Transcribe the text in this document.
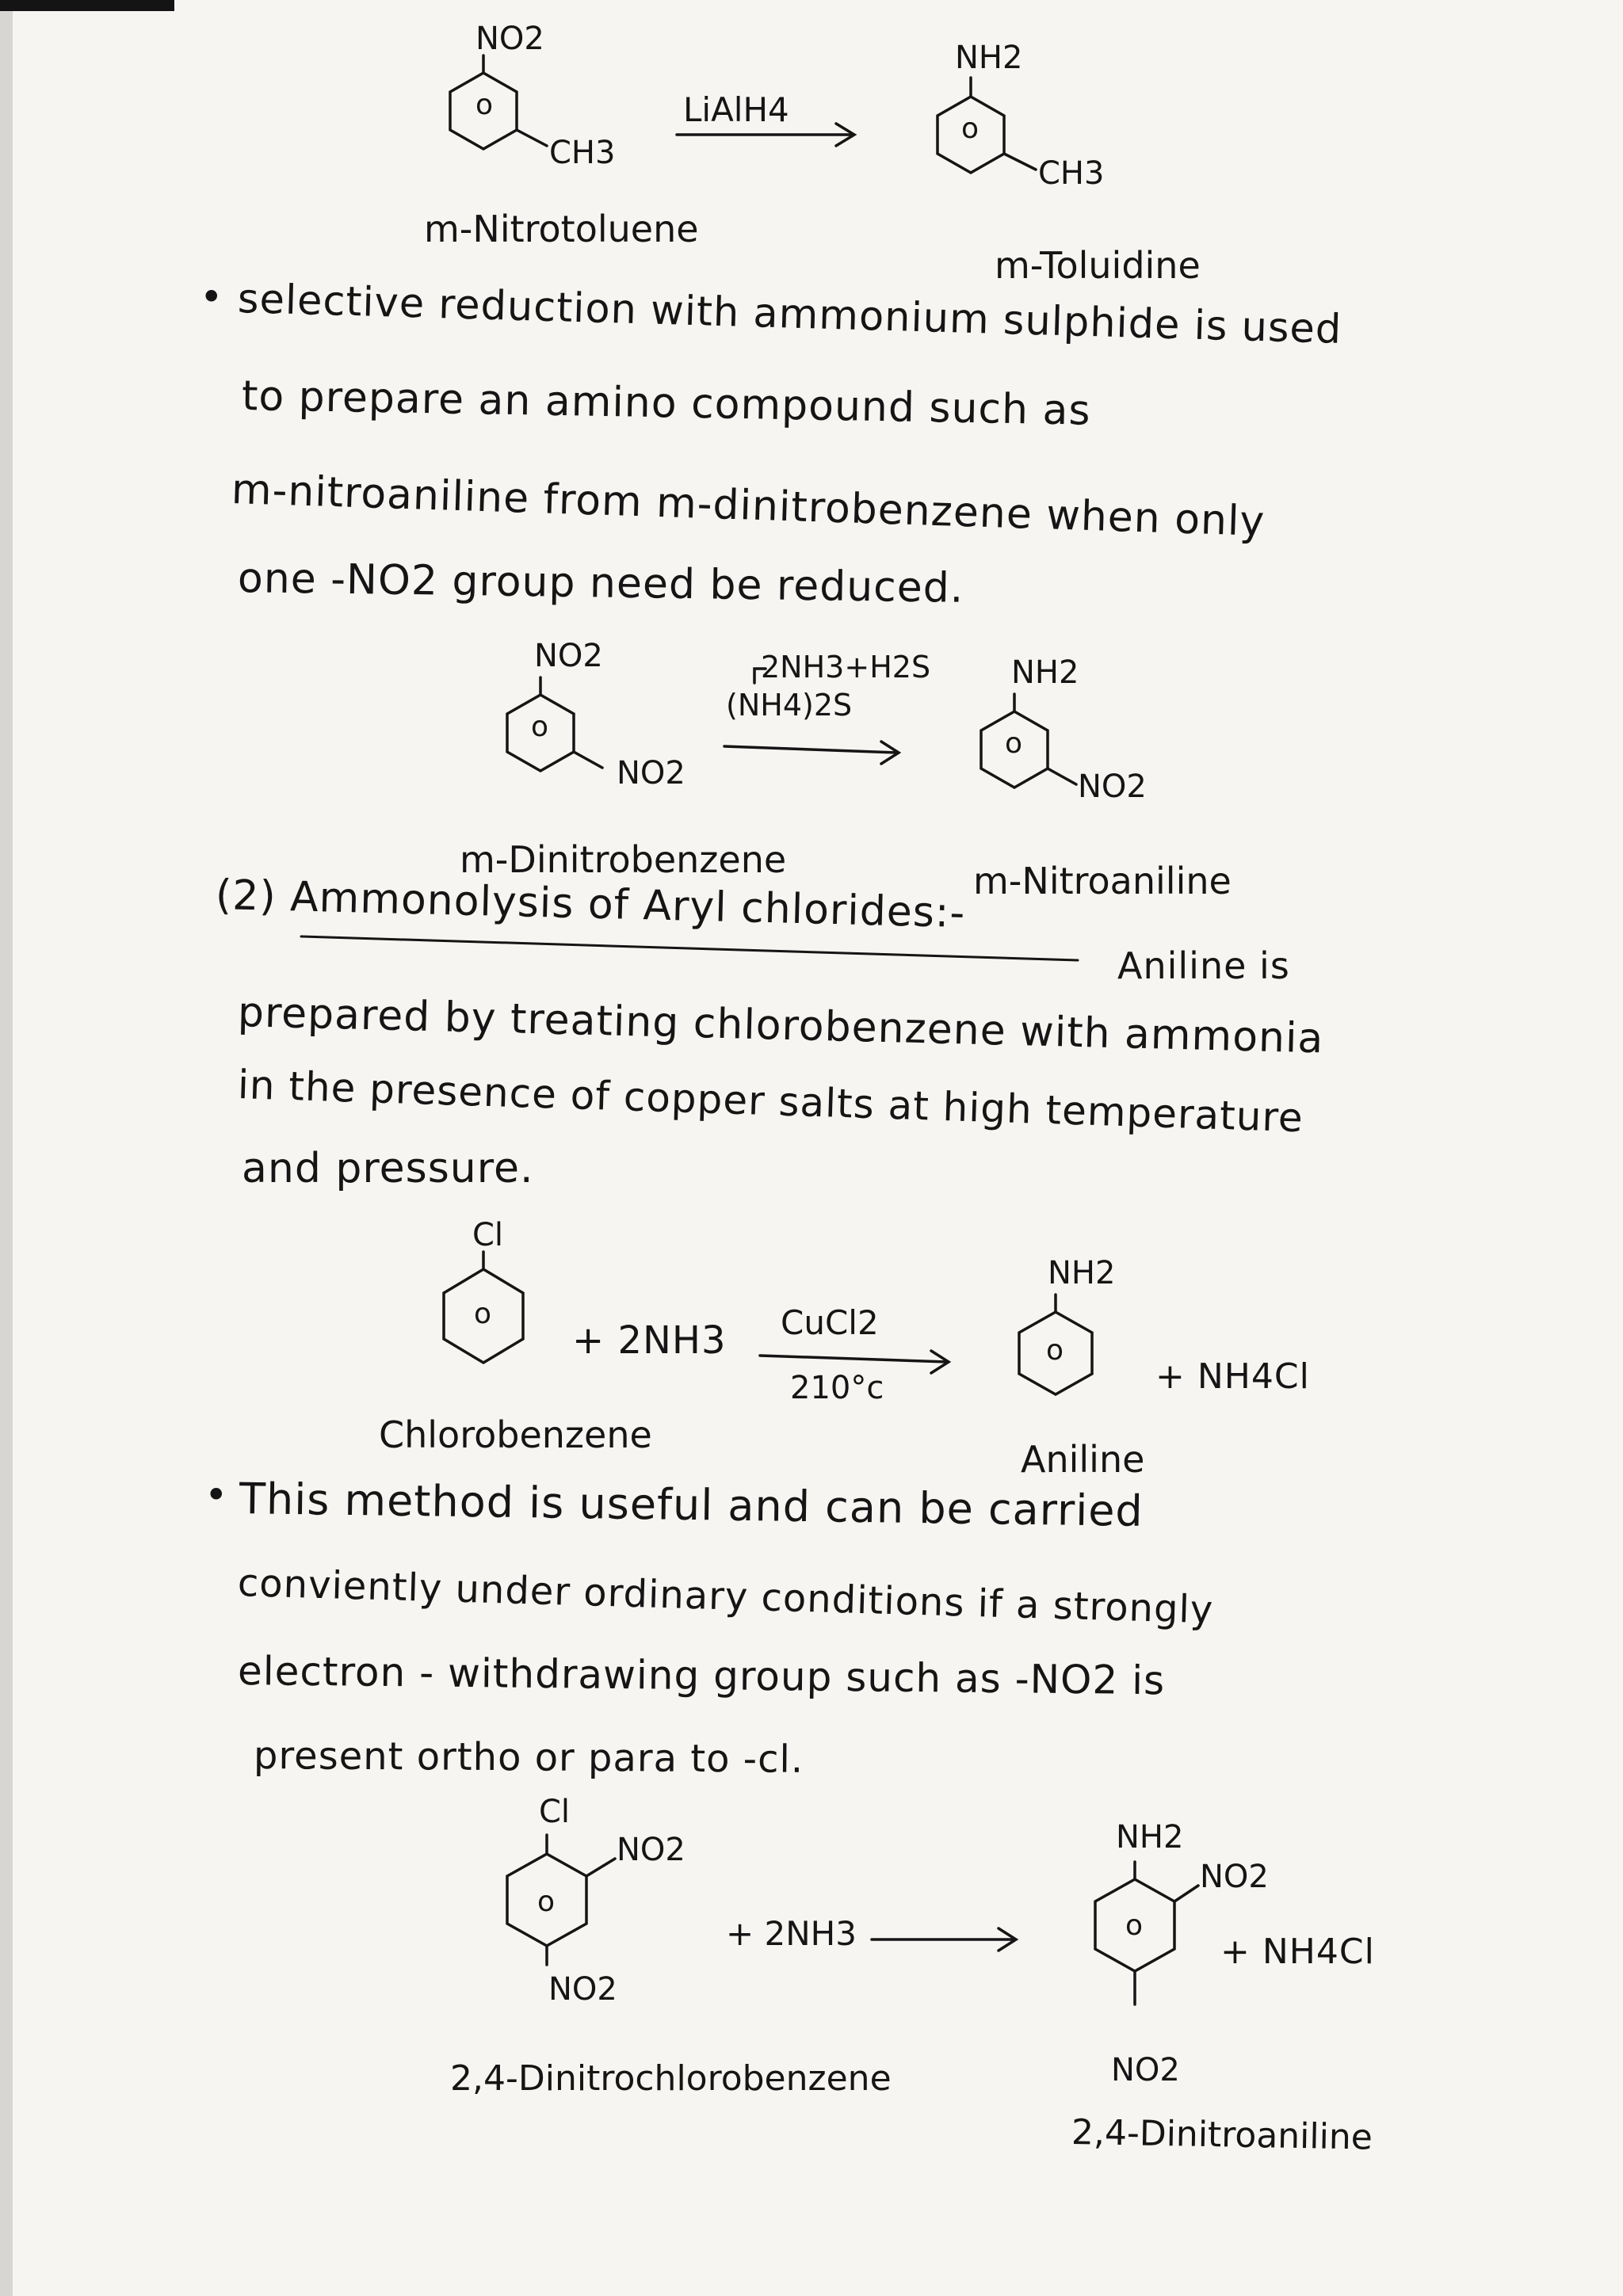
NO2
o
CH3
LiAlH4
NH2
o
CH3
m-Nitrotoluene
m-Toluidine
• selective reduction with ammonium sulphide is used
to prepare an amino compound such as
m-nitroaniline from m-dinitrobenzene when only
one -NO2 group need be reduced.
NO2
o
NO2
2NH3+H2S
(NH4)2S
NH2
o
NO2
m-Dinitrobenzene	m-Nitroaniline
(2) Ammonolysis of Aryl chlorides:-
Aniline is
prepared by treating chlorobenzene with ammonia
in the presence of copper salts at high temperature
and pressure.
Cl
o
+ 2NH3 CuCl2
210°c
NH2
o
+ NH4Cl
Chlorobenzene
Aniline
• This method is useful and can be carried
conviently under ordinary conditions if a strongly
electron - withdrawing group such as -NO2 is
present ortho or para to -cl.
Cl
o
NO2
NO2
+ 2NH3
NH2
o
NO2
NO2
+ NH4Cl
2,4-Dinitrochlorobenzene
2,4-Dinitroaniline
